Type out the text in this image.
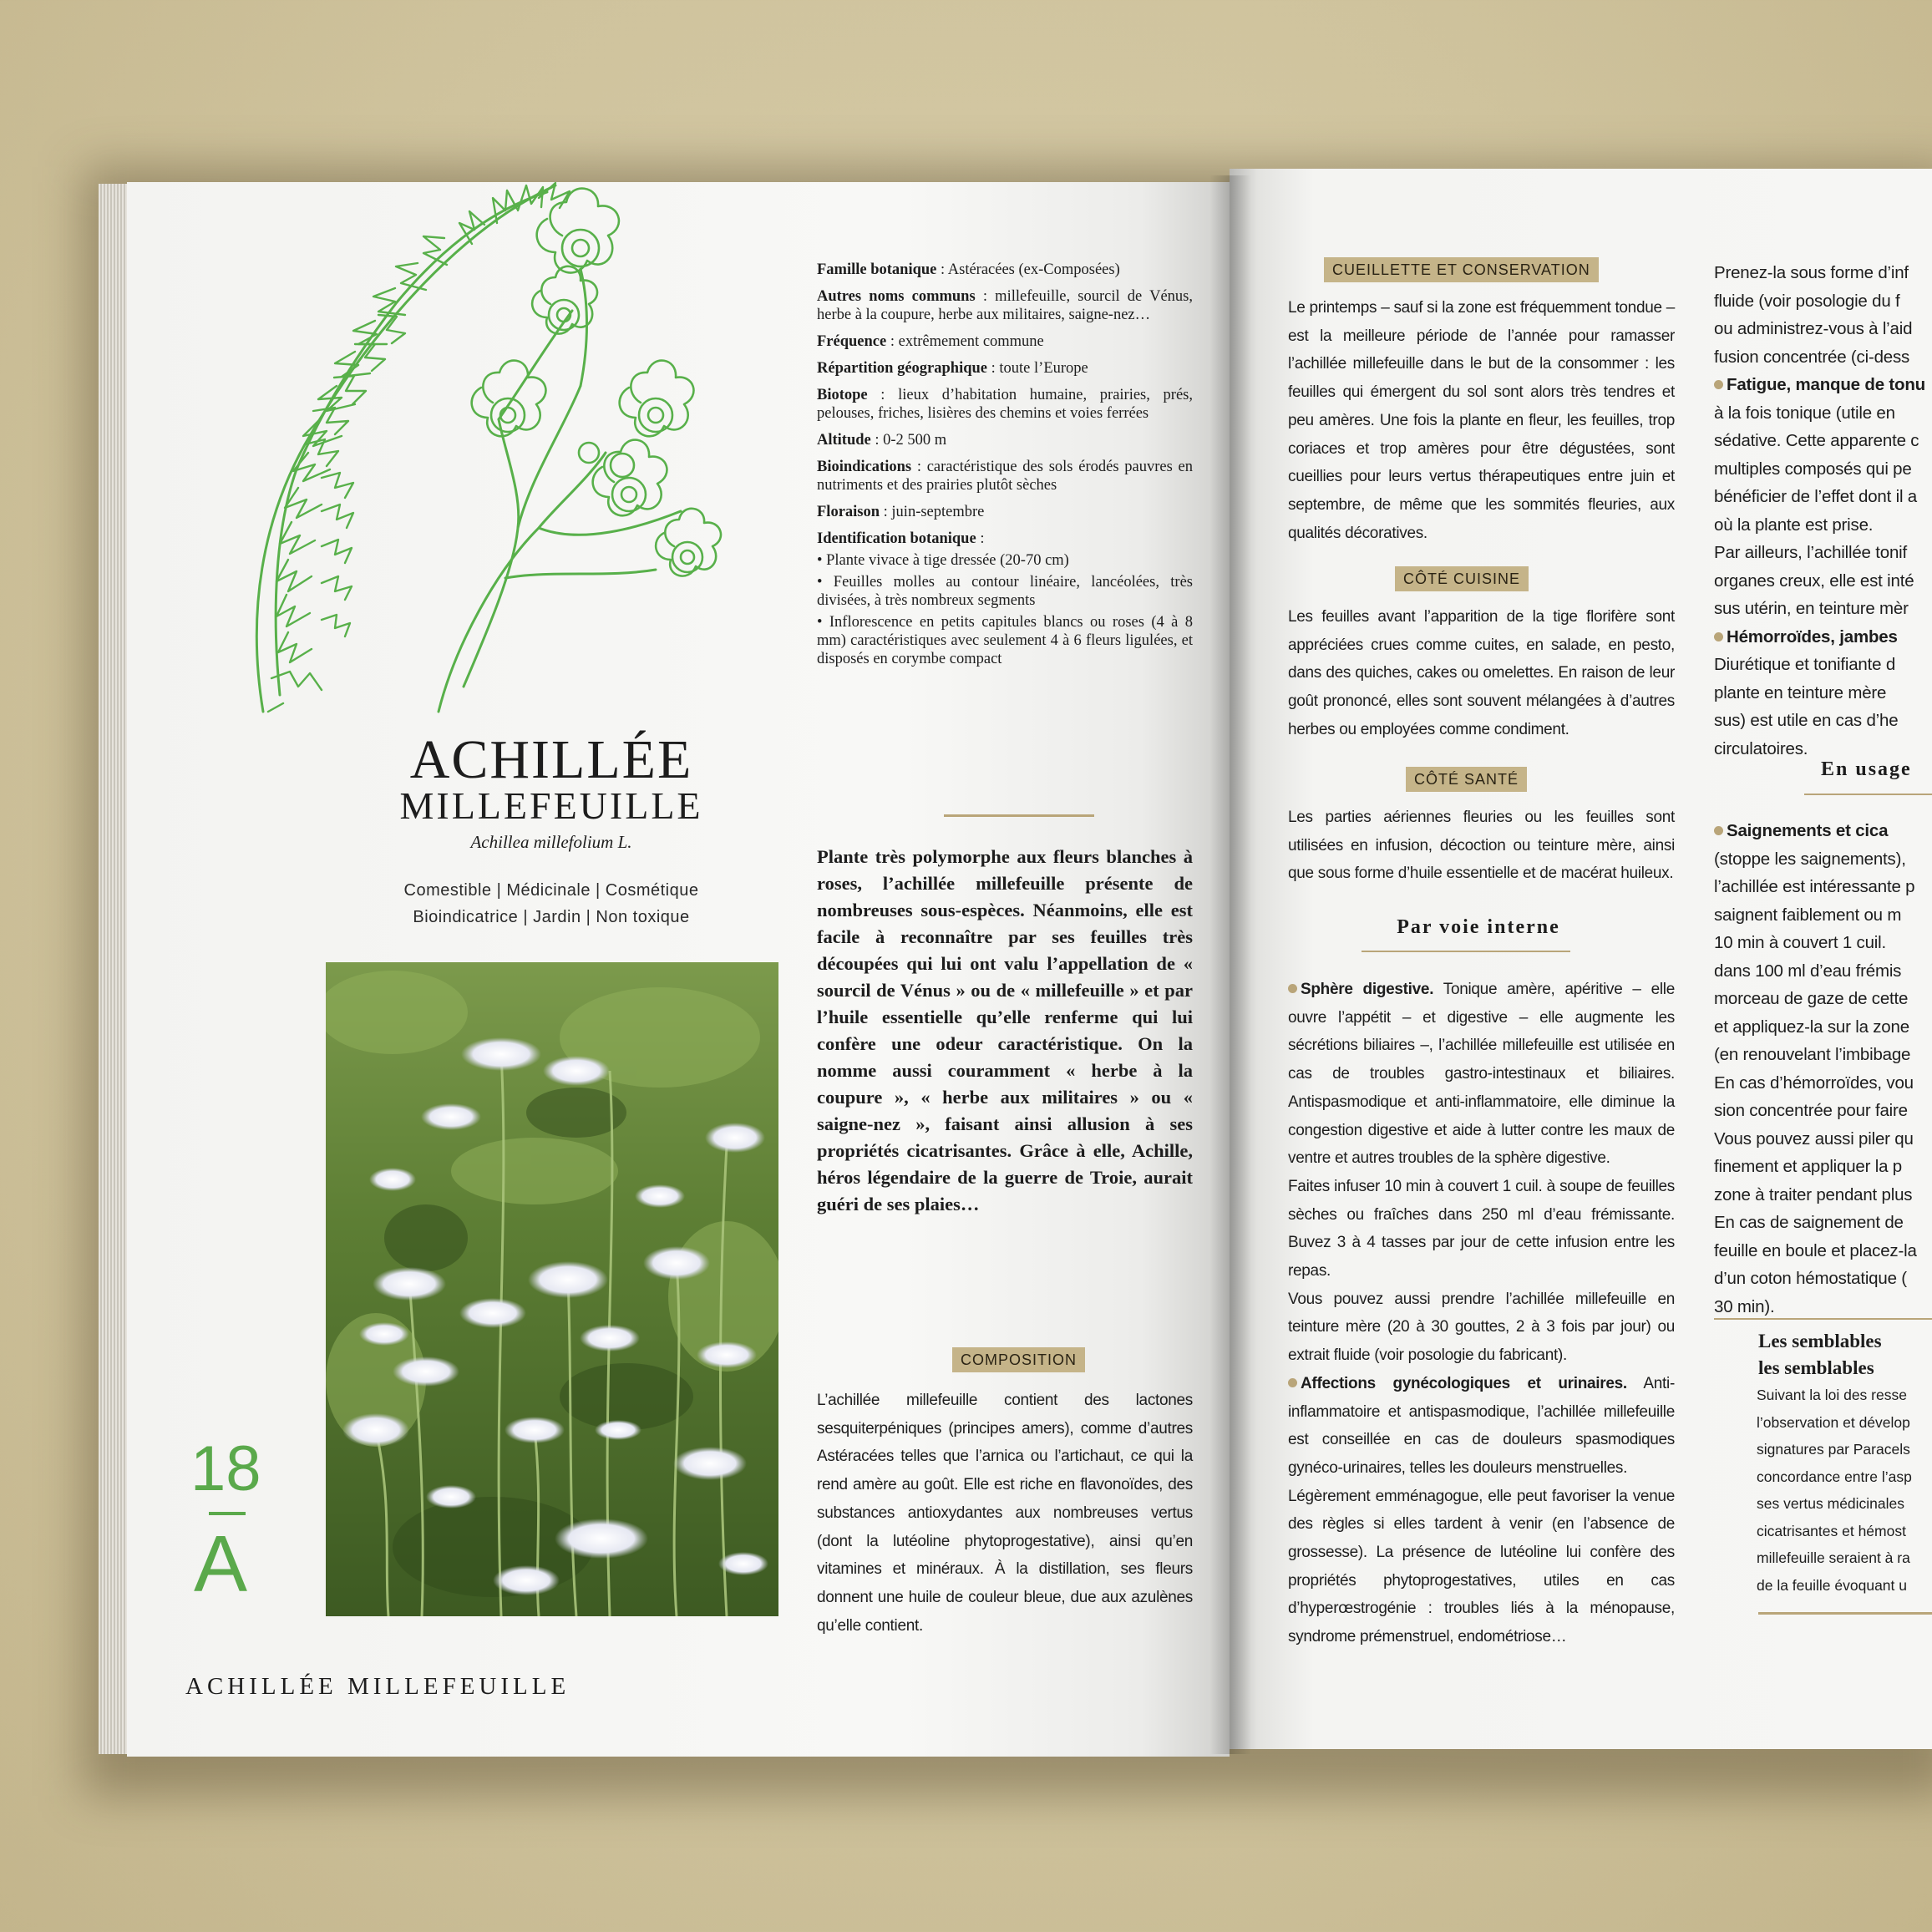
ACHILLÉE
MILLEFEUILLE
Achillea millefolium L.
Comestible | Médicinale | Cosmétique
Bioindicatrice | Jardin | Non toxique
18
A
ACHILLÉE MILLEFEUILLE

Famille botanique : Astéracées (ex-Composées)

Autres noms communs : millefeuille, sourcil de Vénus, herbe à la coupure, herbe aux militaires, saigne-nez…

Fréquence : extrêmement commune

Répartition géographique : toute l’Europe

Biotope : lieux d’habitation humaine, prairies, prés, pelouses, friches, lisières des chemins et voies ferrées

Altitude : 0-2 500 m

Bioindications : caractéristique des sols érodés pauvres en nutriments et des prairies plutôt sèches

Floraison : juin-septembre

Identification botanique :

• Plante vivace à tige dressée (20-70 cm)

• Feuilles molles au contour linéaire, lancéolées, très divisées, à très nombreux segments

• Inflorescence en petits capitules blancs ou roses (4 à 8 mm) caractéristiques avec seulement 4 à 6 fleurs ligulées, et disposés en corymbe compact

Plante très polymorphe aux fleurs blanches à roses, l’achillée millefeuille présente de nombreuses sous-espèces. Néanmoins, elle est facile à reconnaître par ses feuilles très découpées qui lui ont valu l’appellation de « sourcil de Vénus » ou de « millefeuille » et par l’huile essentielle qu’elle renferme qui lui confère une odeur caractéristique. On la nomme aussi couramment « herbe à la coupure », « herbe aux militaires » ou « saigne-nez », faisant ainsi allusion à ses propriétés cicatrisantes. Grâce à elle, Achille, héros légendaire de la guerre de Troie, aurait guéri de ses plaies…
COMPOSITION
L’achillée millefeuille contient des lactones sesquiterpéniques (principes amers), comme d’autres Astéracées telles que l’arnica ou l’artichaut, ce qui la rend amère au goût. Elle est riche en flavonoïdes, des substances antioxydantes aux nombreuses vertus (dont la lutéoline phytoprogestative), ainsi qu’en vitamines et minéraux. À la distillation, ses fleurs donnent une huile de couleur bleue, due aux azulènes qu’elle contient.
CUEILLETTE ET CONSERVATION
Le printemps – sauf si la zone est fréquemment tondue – est la meilleure période de l’année pour ramasser l’achillée millefeuille dans le but de la consommer : les feuilles qui émergent du sol sont alors très tendres et peu amères. Une fois la plante en fleur, les feuilles, trop coriaces et trop amères pour être dégustées, sont cueillies pour leurs vertus thérapeutiques entre juin et septembre, de même que les sommités fleuries, aux qualités décoratives.
CÔTÉ CUISINE
Les feuilles avant l’apparition de la tige florifère sont appréciées crues comme cuites, en salade, en pesto, dans des quiches, cakes ou omelettes. En raison de leur goût prononcé, elles sont souvent mélangées à d’autres herbes ou employées comme condiment.
CÔTÉ SANTÉ
Les parties aériennes fleuries ou les feuilles sont utilisées en infusion, décoction ou teinture mère, ainsi que sous forme d’huile essentielle et de macérat huileux.
Par voie interne

Sphère digestive. Tonique amère, apéritive – elle ouvre l’appétit – et digestive – elle augmente les sécrétions biliaires –, l’achillée millefeuille est utilisée en cas de troubles gastro-intestinaux et biliaires. Antispasmodique et anti-inflammatoire, elle diminue la congestion digestive et aide à lutter contre les maux de ventre et autres troubles de la sphère digestive.

Faites infuser 10 min à couvert 1 cuil. à soupe de feuilles sèches ou fraîches dans 250 ml d’eau frémissante. Buvez 3 à 4 tasses par jour de cette infusion entre les repas.

Vous pouvez aussi prendre l’achillée millefeuille en teinture mère (20 à 30 gouttes, 2 à 3 fois par jour) ou extrait fluide (voir posologie du fabricant).

Affections gynécologiques et urinaires. Anti-inflammatoire et antispasmodique, l’achillée millefeuille est conseillée en cas de douleurs spasmodiques gynéco-urinaires, telles les douleurs menstruelles.

Légèrement emménagogue, elle peut favoriser la venue des règles si elles tardent à venir (en l’absence de grossesse). La présence de lutéoline lui confère des propriétés phytoprogestatives, utiles en cas d’hyperœstrogénie : troubles liés à la ménopause, syndrome prémenstruel, endométriose…

Prenez-la sous forme d’inf
fluide (voir posologie du f
ou administrez-vous à l’aid
fusion concentrée (ci-dess
Fatigue, manque de tonu
à la fois tonique (utile en
sédative. Cette apparente c
multiples composés qui pe
bénéficier de l’effet dont il a
où la plante est prise.
Par ailleurs, l’achillée tonif
organes creux, elle est inté
sus utérin, en teinture mèr
Hémorroïdes, jambes
Diurétique et tonifiante d
plante en teinture mère
sus) est utile en cas d’he
circulatoires.
En usage
Saignements et cica
(stoppe les saignements),
l’achillée est intéressante p
saignent faiblement ou m
10 min à couvert 1 cuil.
dans 100 ml d’eau frémis
morceau de gaze de cette
et appliquez-la sur la zone
(en renouvelant l’imbibage
En cas d’hémorroïdes, vou
sion concentrée pour faire
Vous pouvez aussi piler qu
finement et appliquer la p
zone à traiter pendant plus
En cas de saignement de
feuille en boule et placez-la
d’un coton hémostatique (
30 min).
Les semblables
les semblables
Suivant la loi des resse
l’observation et dévelop
signatures par Paracels
concordance entre l’asp
ses vertus médicinales
cicatrisantes et hémost
millefeuille seraient à ra
de la feuille évoquant u
